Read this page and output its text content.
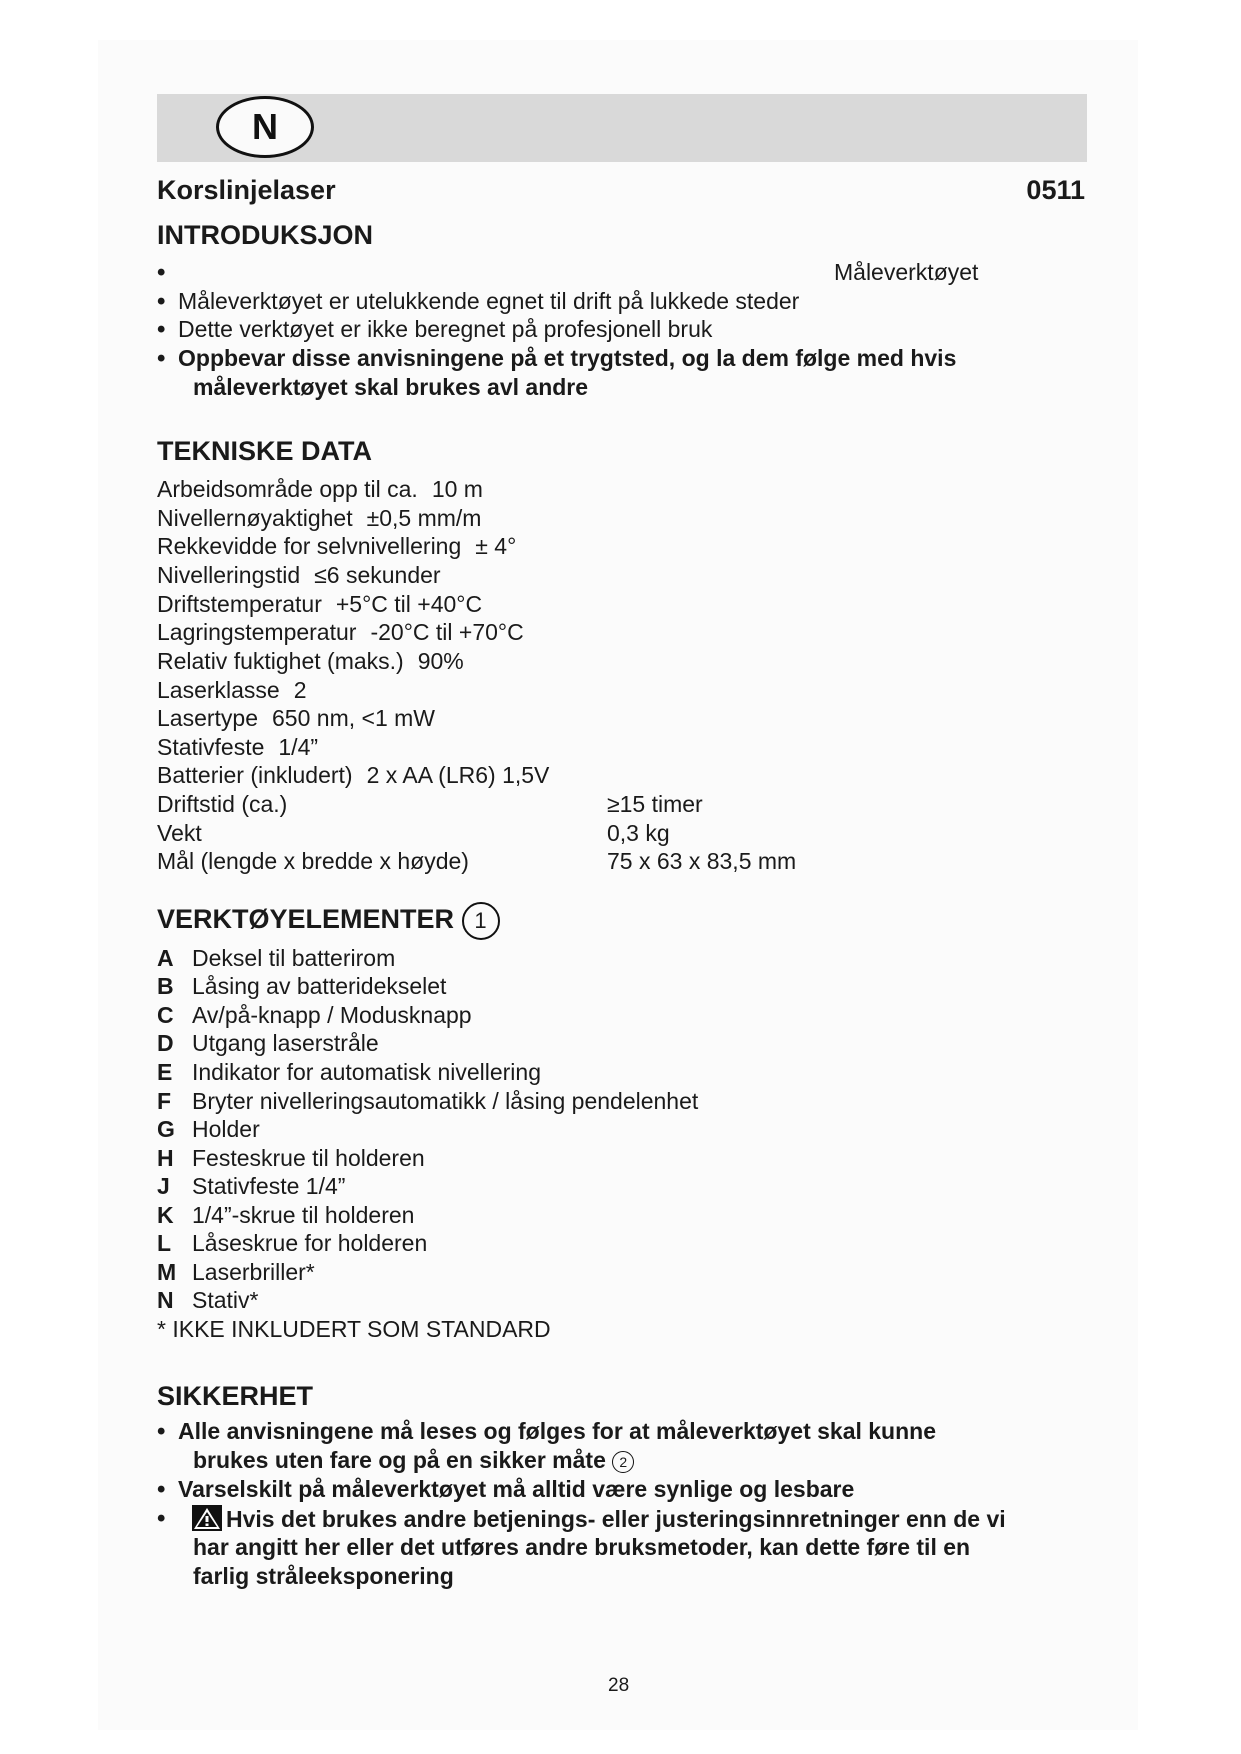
N
Korslinjelaser	0511
INTRODUKSJON
•	Måleverktøyet
• Måleverktøyet er utelukkende egnet til drift på lukkede steder
• Dette verktøyet er ikke beregnet på profesjonell bruk
• Oppbevar disse anvisningene på et trygtsted, og la dem følge med hvis
måleverktøyet skal brukes avl andre
TEKNISKE DATA
Arbeidsområde opp til ca. 10 m
Nivellernøyaktighet ±0,5 mm/m
Rekkevidde for selvnivellering ± 4°
Nivelleringstid ≤6 sekunder
Driftstemperatur +5°C til +40°C
Lagringstemperatur -20°C til +70°C
Relativ fuktighet (maks.) 90%
Laserklasse 2
Lasertype 650 nm, <1 mW
Stativfeste 1/4”
Batterier (inkludert) 2 x AA (LR6) 1,5V
Driftstid (ca.)	≥15 timer
Vekt	0,3 kg
Mål (lengde x bredde x høyde)	75 x 63 x 83,5 mm
VERKTØYELEMENTER 1
A Deksel til batterirom
B Låsing av batteridekselet
C Av/på-knapp / Modusknapp
D Utgang laserstråle
E Indikator for automatisk nivellering
F Bryter nivelleringsautomatikk / låsing pendelenhet
G Holder
H Festeskrue til holderen
J Stativfeste 1/4”
K 1/4”-skrue til holderen
L Låseskrue for holderen
M Laserbriller*
N Stativ*
* IKKE INKLUDERT SOM STANDARD
SIKKERHET
• Alle anvisningene må leses og følges for at måleverktøyet skal kunne
brukes uten fare og på en sikker måte 2
• Varselskilt på måleverktøyet må alltid være synlige og lesbare
•	Hvis det brukes andre betjenings- eller justeringsinnretninger enn de vi
har angitt her eller det utføres andre bruksmetoder, kan dette føre til en
farlig stråleeksponering
28
